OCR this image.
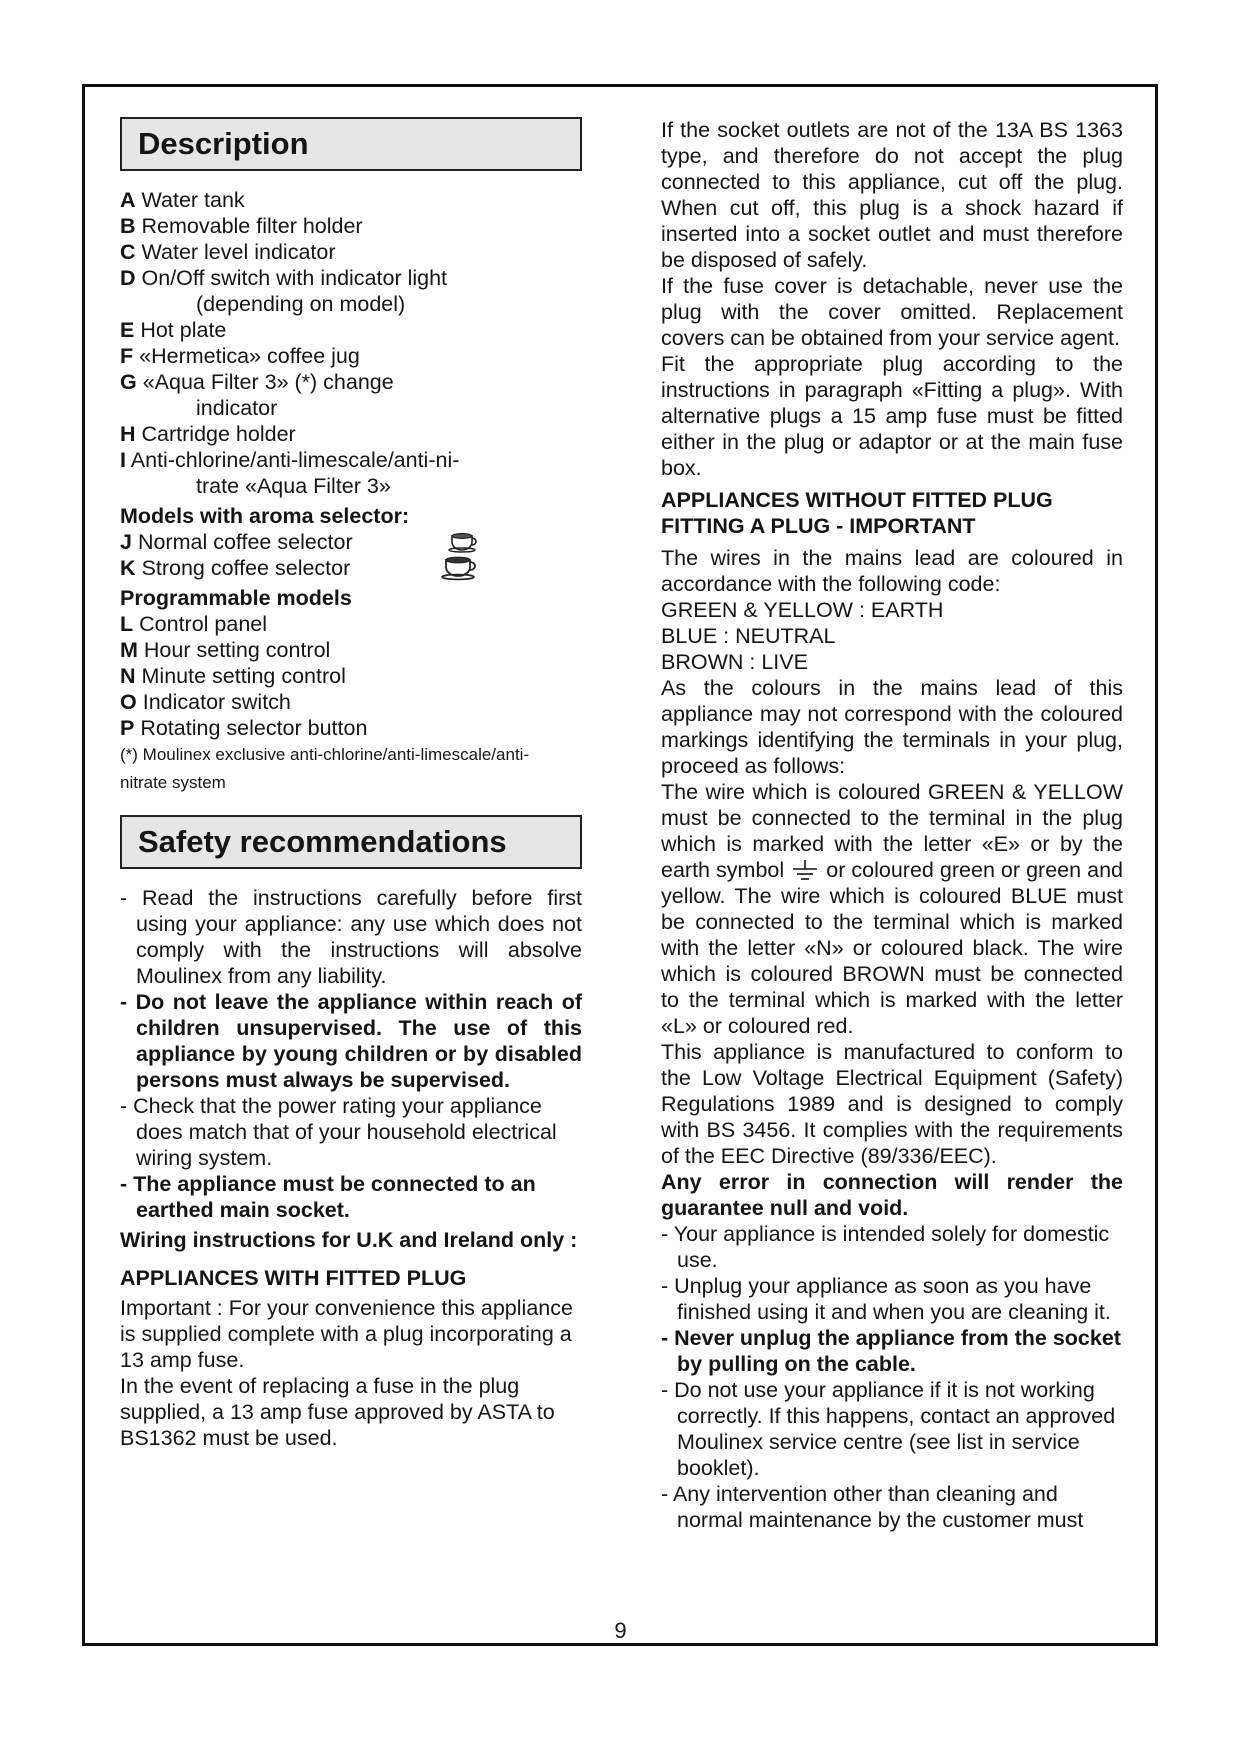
Description

A Water tank

B Removable filter holder

C Water level indicator

D On/Off switch with indicator light

(depending on model)

E Hot plate

F «Hermetica» coffee jug

G «Aqua Filter 3» (*) change

indicator

H Cartridge holder

I Anti-chlorine/anti-limescale/anti-ni-

trate «Aqua Filter 3»

Models with aroma selector:

J Normal coffee selector

K Strong coffee selector

Programmable models

L Control panel

M Hour setting control

N Minute setting control

O Indicator switch

P Rotating selector button

(*) Moulinex exclusive anti-chlorine/anti-limescale/anti-

nitrate system

Safety recommendations

- Read the instructions carefully before first using your appliance: any use which does not comply with the instructions will absolve Moulinex from any liability.

- Do not leave the appliance within reach of children unsupervised. The use of this appliance by young children or by disabled persons must always be supervised.

- Check that the power rating your appliance does match that of your household electrical wiring system.

- The appliance must be connected to an earthed main socket.

Wiring instructions for U.K and Ireland only :

APPLIANCES WITH FITTED PLUG

Important : For your convenience this appliance is supplied complete with a plug incorporating a 13 amp fuse.

In the event of replacing a fuse in the plug supplied, a 13 amp fuse approved by ASTA to BS1362 must be used.

If the socket outlets are not of the 13A BS 1363 type, and therefore do not accept the plug connected to this appliance, cut off the plug. When cut off, this plug is a shock hazard if inserted into a socket outlet and must therefore be disposed of safely.

If the fuse cover is detachable, never use the plug with the cover omitted. Replacement covers can be obtained from your service agent.

Fit the appropriate plug according to the instructions in paragraph «Fitting a plug». With alternative plugs a 15 amp fuse must be fitted either in the plug or adaptor or at the main fuse box.

APPLIANCES WITHOUT FITTED PLUG

FITTING A PLUG - IMPORTANT

The wires in the mains lead are coloured in accordance with the following code:

GREEN & YELLOW : EARTH

BLUE : NEUTRAL

BROWN : LIVE

As the colours in the mains lead of this appliance may not correspond with the coloured markings identifying the terminals in your plug, proceed as follows:

The wire which is coloured GREEN & YELLOW must be connected to the terminal in the plug which is marked with the letter «E» or by the earth symbol or coloured green or green and yellow. The wire which is coloured BLUE must be connected to the terminal which is marked with the letter «N» or coloured black. The wire which is coloured BROWN must be connected to the terminal which is marked with the letter «L» or coloured red.

This appliance is manufactured to conform to the Low Voltage Electrical Equipment (Safety) Regulations 1989 and is designed to comply with BS 3456. It complies with the requirements of the EEC Directive (89/336/EEC).

Any error in connection will render the guarantee null and void.

- Your appliance is intended solely for domestic use.

- Unplug your appliance as soon as you have finished using it and when you are cleaning it.

- Never unplug the appliance from the socket by pulling on the cable.

- Do not use your appliance if it is not working correctly. If this happens, contact an approved Moulinex service centre (see list in service booklet).

- Any intervention other than cleaning and normal maintenance by the customer must

9
